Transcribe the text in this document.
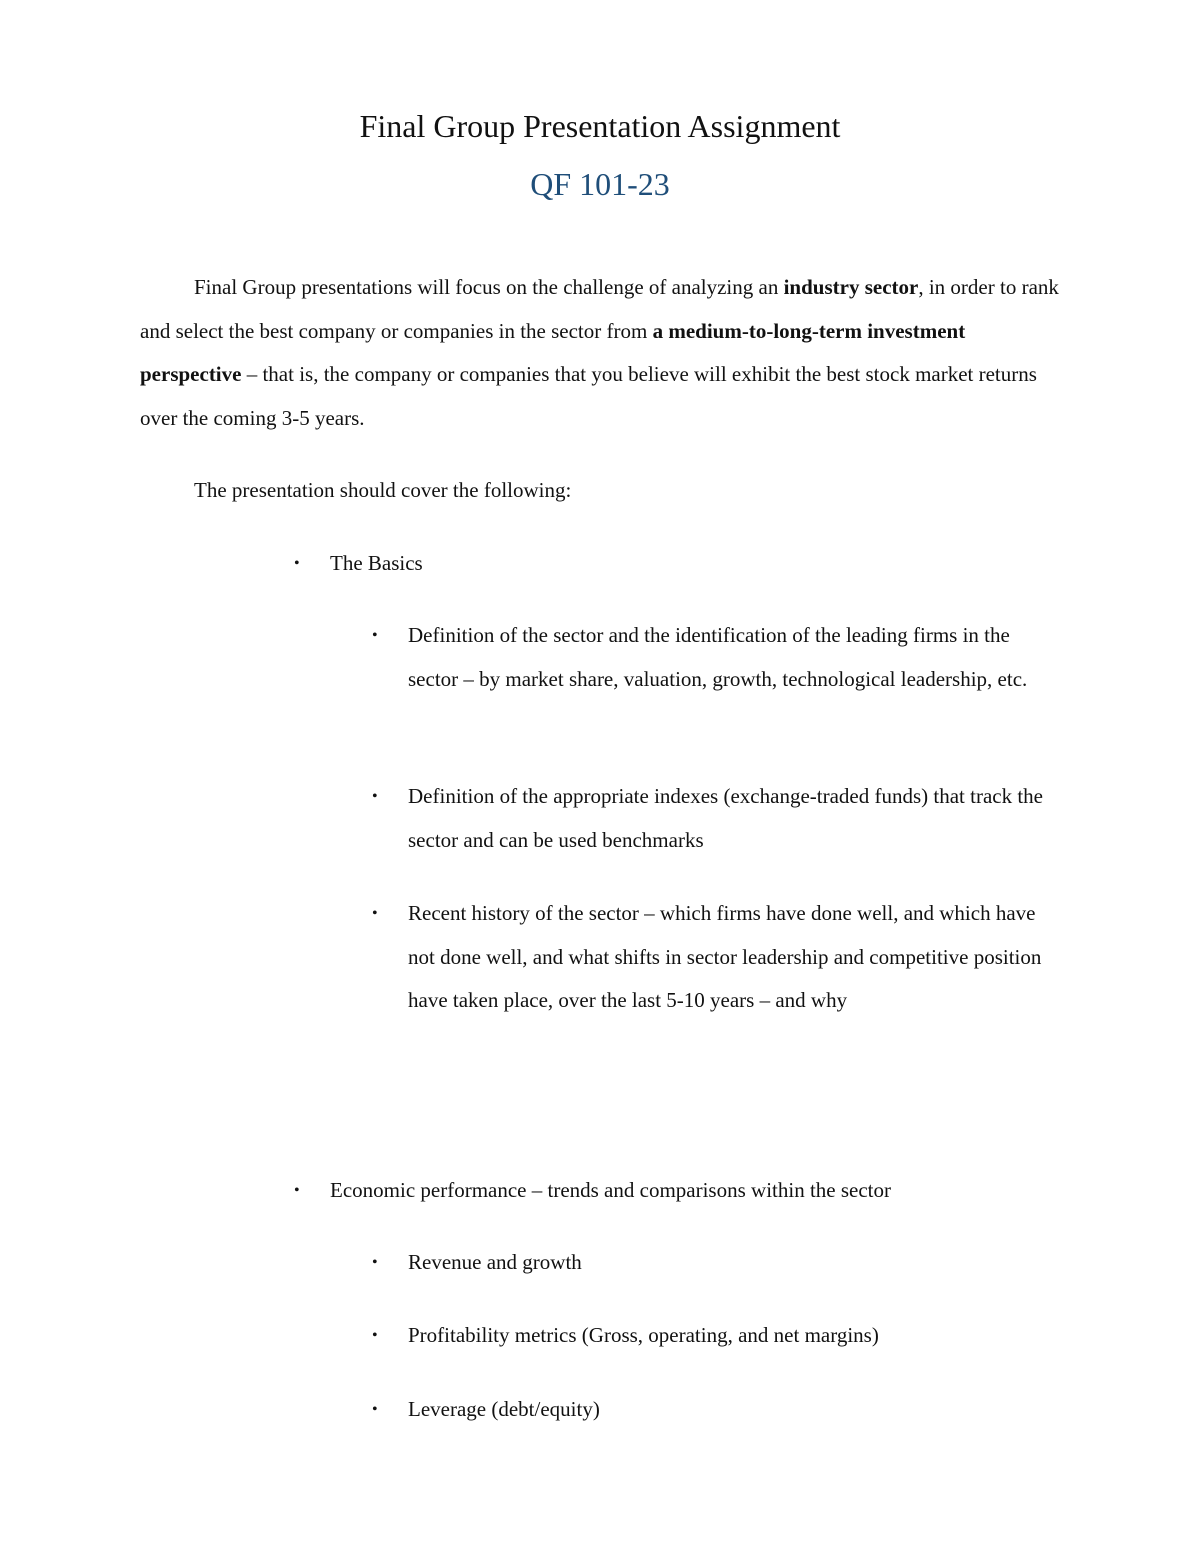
Final Group Presentation Assignment
QF 101-23
Final Group presentations will focus on the challenge of analyzing an industry sector, in order to rank and select the best company or companies in the sector from a medium-to-long-term investment perspective – that is, the company or companies that you believe will exhibit the best stock market returns over the coming 3-5 years.
The presentation should cover the following:
• The Basics
• Definition of the sector and the identification of the leading firms in the sector – by market share, valuation, growth, technological leadership, etc.
• Definition of the appropriate indexes (exchange-traded funds) that track the sector and can be used benchmarks
• Recent history of the sector – which firms have done well, and which have not done well, and what shifts in sector leadership and competitive position have taken place, over the last 5-10 years – and why
• Economic performance – trends and comparisons within the sector
• Revenue and growth
• Profitability metrics (Gross, operating, and net margins)
• Leverage (debt/equity)
